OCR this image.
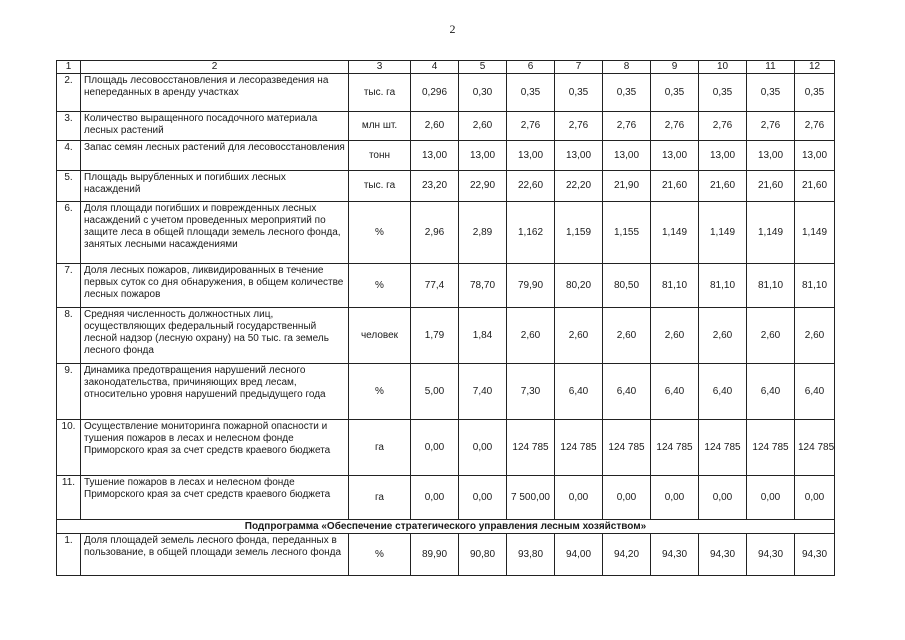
2
1	2	3	4	5	6	7	8	9	10	11	12
2.	Площадь лесовосстановления и лесоразведения на непереданных в аренду участках	тыс. га	0,296	0,30	0,35	0,35	0,35	0,35	0,35	0,35	0,35
3.	Количество выращенного посадочного материала лесных растений	млн шт.	2,60	2,60	2,76	2,76	2,76	2,76	2,76	2,76	2,76
4.	Запас семян лесных растений для лесовосстановления	тонн	13,00	13,00	13,00	13,00	13,00	13,00	13,00	13,00	13,00
5.	Площадь вырубленных и погибших лесных насаждений	тыс. га	23,20	22,90	22,60	22,20	21,90	21,60	21,60	21,60	21,60
6.	Доля площади погибших и поврежденных лесных насаждений с учетом проведенных мероприятий по защите леса в общей площади земель лесного фонда, занятых лесными насаждениями	%	2,96	2,89	1,162	1,159	1,155	1,149	1,149	1,149	1,149
7.	Доля лесных пожаров, ликвидированных в течение первых суток со дня обнаружения, в общем количестве лесных пожаров	%	77,4	78,70	79,90	80,20	80,50	81,10	81,10	81,10	81,10
8.	Средняя численность должностных лиц, осуществляющих федеральный государственный лесной надзор (лесную охрану) на 50 тыс. га земель лесного фонда	человек	1,79	1,84	2,60	2,60	2,60	2,60	2,60	2,60	2,60
9.	Динамика предотвращения нарушений лесного законодательства, причиняющих вред лесам, относительно уровня нарушений предыдущего года	%	5,00	7,40	7,30	6,40	6,40	6,40	6,40	6,40	6,40
10.	Осуществление мониторинга пожарной опасности и тушения пожаров в лесах и нелесном фонде Приморского края за счет средств краевого бюджета	га	0,00	0,00	124 785	124 785	124 785	124 785	124 785	124 785	124 785
11.	Тушение пожаров в лесах и нелесном фонде Приморского края за счет средств краевого бюджета	га	0,00	0,00	7 500,00	0,00	0,00	0,00	0,00	0,00	0,00
Подпрограмма «Обеспечение стратегического управления лесным хозяйством»											
1.	Доля площадей земель лесного фонда, переданных в пользование, в общей площади земель лесного фонда	%	89,90	90,80	93,80	94,00	94,20	94,30	94,30	94,30	94,30
